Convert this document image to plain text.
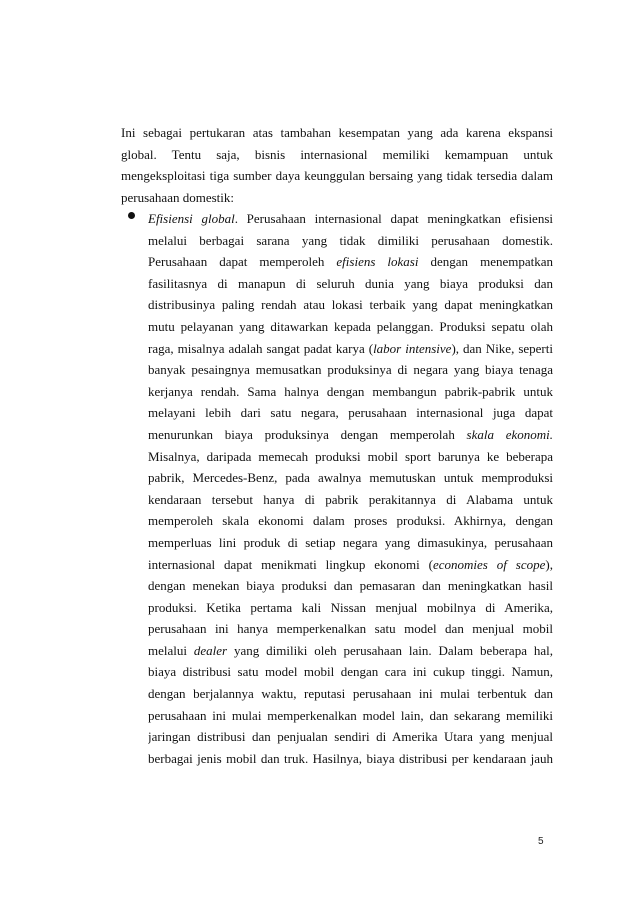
Ini sebagai pertukaran atas tambahan kesempatan yang ada karena ekspansi
global. Tentu saja, bisnis internasional memiliki kemampuan untuk
mengeksploitasi tiga sumber daya keunggulan bersaing yang tidak tersedia dalam
perusahaan domestik:
Efisiensi global. Perusahaan internasional dapat meningkatkan efisiensi
melalui berbagai sarana yang tidak dimiliki perusahaan domestik.
Perusahaan dapat memperoleh efisiens lokasi dengan menempatkan
fasilitasnya di manapun di seluruh dunia yang biaya produksi dan
distribusinya paling rendah atau lokasi terbaik yang dapat meningkatkan
mutu pelayanan yang ditawarkan kepada pelanggan. Produksi sepatu olah
raga, misalnya adalah sangat padat karya (labor intensive), dan Nike, seperti
banyak pesaingnya memusatkan produksinya di negara yang biaya tenaga
kerjanya rendah. Sama halnya dengan membangun pabrik-pabrik untuk
melayani lebih dari satu negara, perusahaan internasional juga dapat
menurunkan biaya produksinya dengan memperolah skala ekonomi.
Misalnya, daripada memecah produksi mobil sport barunya ke beberapa
pabrik, Mercedes-Benz, pada awalnya memutuskan untuk memproduksi
kendaraan tersebut hanya di pabrik perakitannya di Alabama untuk
memperoleh skala ekonomi dalam proses produksi. Akhirnya, dengan
memperluas lini produk di setiap negara yang dimasukinya, perusahaan
internasional dapat menikmati lingkup ekonomi (economies of scope),
dengan menekan biaya produksi dan pemasaran dan meningkatkan hasil
produksi. Ketika pertama kali Nissan menjual mobilnya di Amerika,
perusahaan ini hanya memperkenalkan satu model dan menjual mobil
melalui dealer yang dimiliki oleh perusahaan lain. Dalam beberapa hal,
biaya distribusi satu model mobil dengan cara ini cukup tinggi. Namun,
dengan berjalannya waktu, reputasi perusahaan ini mulai terbentuk dan
perusahaan ini mulai memperkenalkan model lain, dan sekarang memiliki
jaringan distribusi dan penjualan sendiri di Amerika Utara yang menjual
berbagai jenis mobil dan truk. Hasilnya, biaya distribusi per kendaraan jauh
5
